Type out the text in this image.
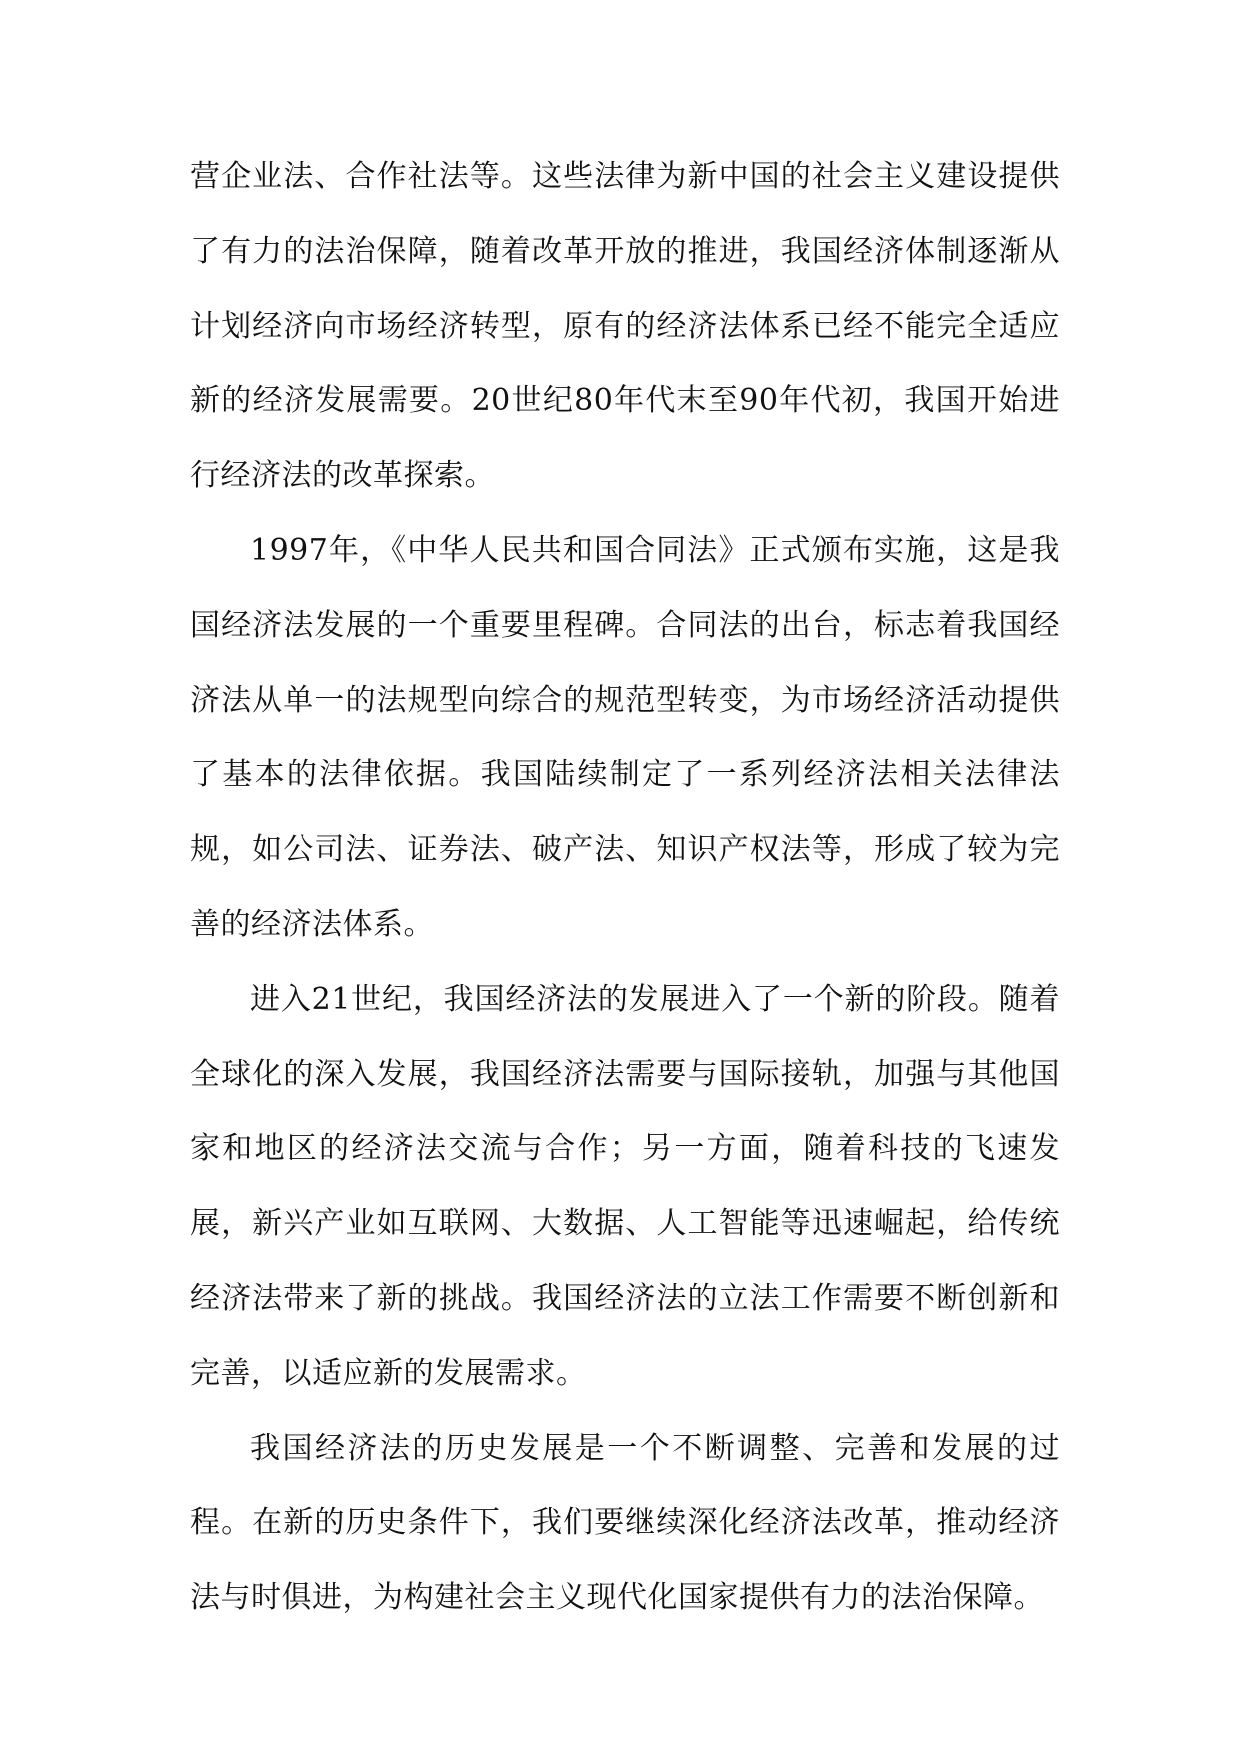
营企业法、合作社法等。这些法律为新中国的社会主义建设提供了有力的法治保障，随着改革开放的推进，我国经济体制逐渐从计划经济向市场经济转型，原有的经济法体系已经不能完全适应新的经济发展需要。20世纪80年代末至90年代初，我国开始进行经济法的改革探索。

1997年，《中华人民共和国合同法》正式颁布实施，这是我国经济法发展的一个重要里程碑。合同法的出台，标志着我国经济法从单一的法规型向综合的规范型转变，为市场经济活动提供了基本的法律依据。我国陆续制定了一系列经济法相关法律法规，如公司法、证券法、破产法、知识产权法等，形成了较为完善的经济法体系。

进入21世纪，我国经济法的发展进入了一个新的阶段。随着全球化的深入发展，我国经济法需要与国际接轨，加强与其他国家和地区的经济法交流与合作；另一方面，随着科技的飞速发展，新兴产业如互联网、大数据、人工智能等迅速崛起，给传统经济法带来了新的挑战。我国经济法的立法工作需要不断创新和完善，以适应新的发展需求。

我国经济法的历史发展是一个不断调整、完善和发展的过程。在新的历史条件下，我们要继续深化经济法改革，推动经济法与时俱进，为构建社会主义现代化国家提供有力的法治保障。
